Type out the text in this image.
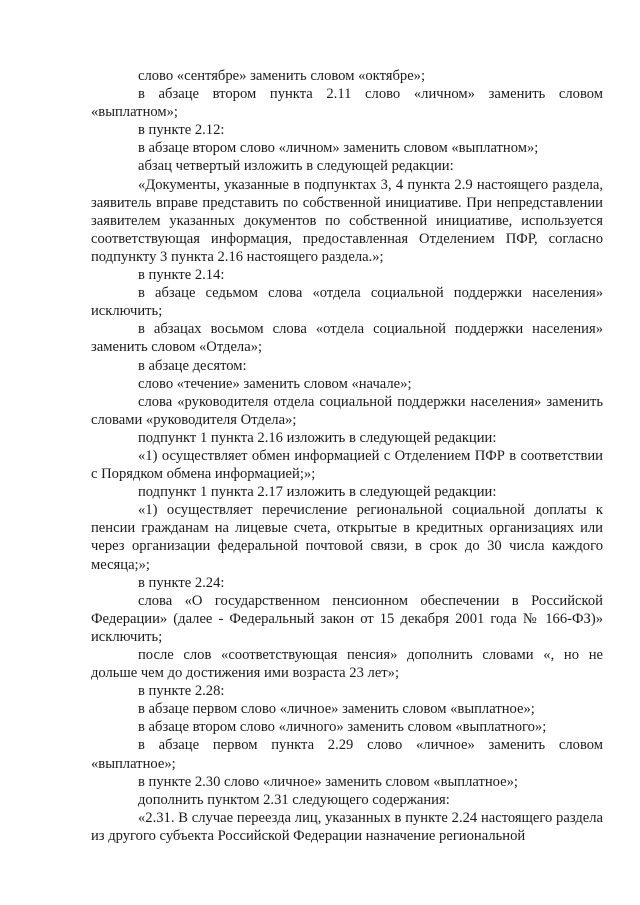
слово «сентябре» заменить словом «октябре»;

в абзаце втором пункта 2.11 слово «личном» заменить словом «выплатном»;

в пункте 2.12:

в абзаце втором слово «личном» заменить словом «выплатном»;

абзац четвертый изложить в следующей редакции:

«Документы, указанные в подпунктах 3, 4 пункта 2.9 настоящего раздела, заявитель вправе представить по собственной инициативе. При непредставлении заявителем указанных документов по собственной инициативе, используется соответствующая информация, предоставленная Отделением ПФР, согласно подпункту 3 пункта 2.16 настоящего раздела.»;

в пункте 2.14:

в абзаце седьмом слова «отдела социальной поддержки населения» исключить;

в абзацах восьмом слова «отдела социальной поддержки населения» заменить словом «Отдела»;

в абзаце десятом:

слово «течение» заменить словом «начале»;

слова «руководителя отдела социальной поддержки населения» заменить словами «руководителя Отдела»;

подпункт 1 пункта 2.16 изложить в следующей редакции:

«1) осуществляет обмен информацией с Отделением ПФР в соответствии с Порядком обмена информацией;»;

подпункт 1 пункта 2.17 изложить в следующей редакции:

«1) осуществляет перечисление региональной социальной доплаты к пенсии гражданам на лицевые счета, открытые в кредитных организациях или через организации федеральной почтовой связи, в срок до 30 числа каждого месяца;»;

в пункте 2.24:

слова «О государственном пенсионном обеспечении в Российской Федерации» (далее - Федеральный закон от 15 декабря 2001 года № 166-ФЗ)» исключить;

после слов «соответствующая пенсия» дополнить словами «, но не дольше чем до достижения ими возраста 23 лет»;

в пункте 2.28:

в абзаце первом слово «личное» заменить словом «выплатное»;

в абзаце втором слово «личного» заменить словом «выплатного»;

в абзаце первом пункта 2.29 слово «личное» заменить словом «выплатное»;

в пункте 2.30 слово «личное» заменить словом «выплатное»;

дополнить пунктом 2.31 следующего содержания:

«2.31. В случае переезда лиц, указанных в пункте 2.24 настоящего раздела из другого субъекта Российской Федерации назначение региональной
